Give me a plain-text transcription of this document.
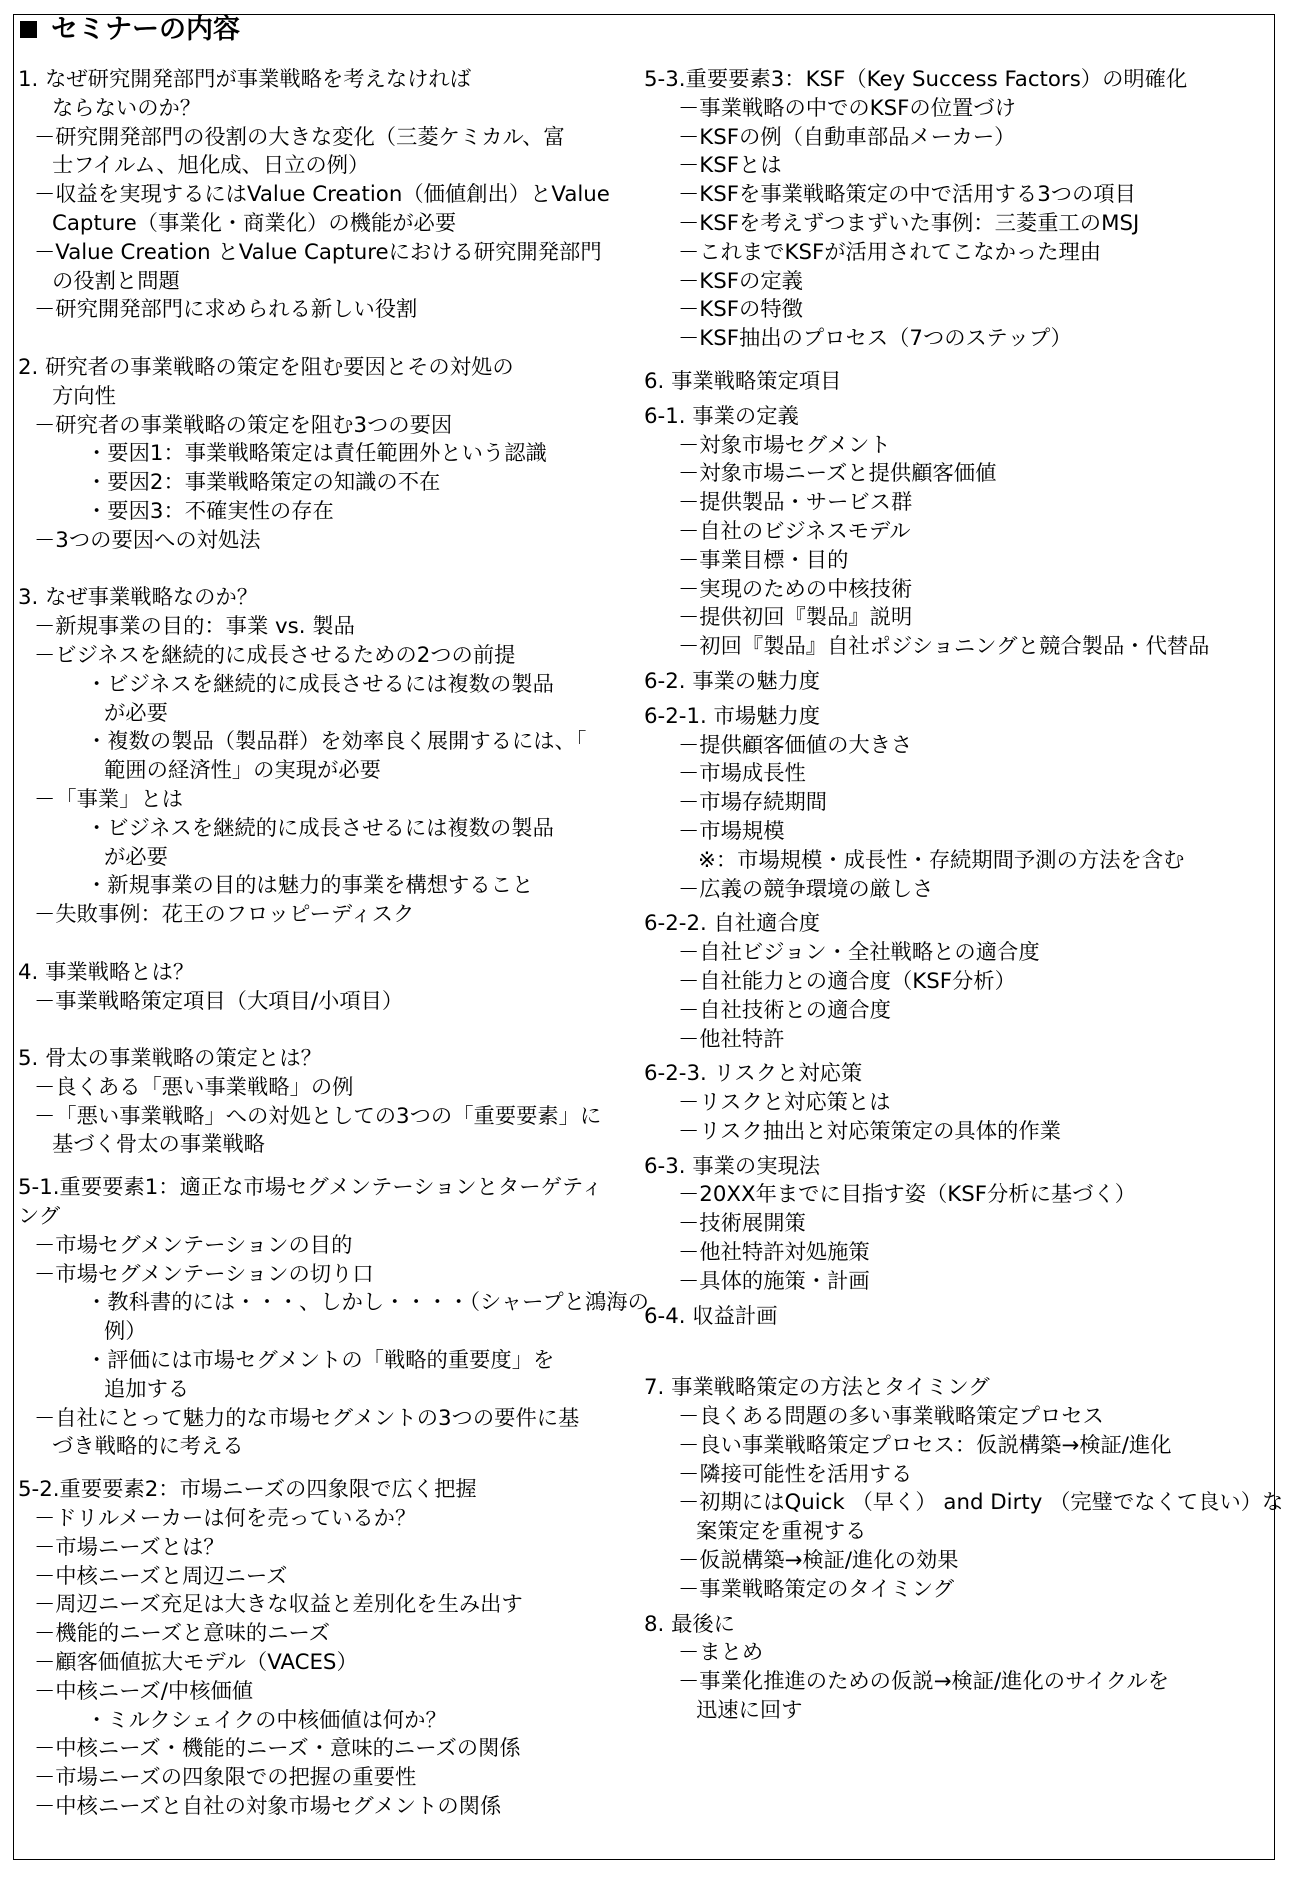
セミナーの内容
1. なぜ研究開発部門が事業戦略を考えなければ
ならないのか？
－研究開発部門の役割の大きな変化（三菱ケミカル、富
士フイルム、旭化成、日立の例）
－収益を実現するにはValue Creation（価値創出）とValue
Capture（事業化・商業化）の機能が必要
－Value Creation とValue Captureにおける研究開発部門
の役割と問題
－研究開発部門に求められる新しい役割
2. 研究者の事業戦略の策定を阻む要因とその対処の
方向性
－研究者の事業戦略の策定を阻む3つの要因
・要因1：事業戦略策定は責任範囲外という認識
・要因2：事業戦略策定の知識の不在
・要因3：不確実性の存在
－3つの要因への対処法
3. なぜ事業戦略なのか？
－新規事業の目的：事業 vs. 製品
－ビジネスを継続的に成長させるための2つの前提
・ビジネスを継続的に成長させるには複数の製品
が必要
・複数の製品（製品群）を効率良く展開するには、「
範囲の経済性」の実現が必要
－「事業」とは
・ビジネスを継続的に成長させるには複数の製品
が必要
・新規事業の目的は魅力的事業を構想すること
－失敗事例：花王のフロッピーディスク
4. 事業戦略とは？
－事業戦略策定項目（大項目/小項目）
5. 骨太の事業戦略の策定とは？
－良くある「悪い事業戦略」の例
－「悪い事業戦略」への対処としての3つの「重要要素」に
基づく骨太の事業戦略
5-1.重要要素1：適正な市場セグメンテーションとターゲティ
ング
－市場セグメンテーションの目的
－市場セグメンテーションの切り口
・教科書的には・・・、しかし・・・・（シャープと鴻海の
例）
・評価には市場セグメントの「戦略的重要度」を
追加する
－自社にとって魅力的な市場セグメントの3つの要件に基
づき戦略的に考える
5-2.重要要素2：市場ニーズの四象限で広く把握
－ドリルメーカーは何を売っているか？
－市場ニーズとは？
－中核ニーズと周辺ニーズ
－周辺ニーズ充足は大きな収益と差別化を生み出す
－機能的ニーズと意味的ニーズ
－顧客価値拡大モデル（VACES）
－中核ニーズ/中核価値
・ミルクシェイクの中核価値は何か？
－中核ニーズ・機能的ニーズ・意味的ニーズの関係
－市場ニーズの四象限での把握の重要性
－中核ニーズと自社の対象市場セグメントの関係
5-3.重要要素3：KSF（Key Success Factors）の明確化
－事業戦略の中でのKSFの位置づけ
－KSFの例（自動車部品メーカー）
－KSFとは
－KSFを事業戦略策定の中で活用する3つの項目
－KSFを考えずつまずいた事例：三菱重工のMSJ
－これまでKSFが活用されてこなかった理由
－KSFの定義
－KSFの特徴
－KSF抽出のプロセス（7つのステップ）
6. 事業戦略策定項目
6-1. 事業の定義
－対象市場セグメント
－対象市場ニーズと提供顧客価値
－提供製品・サービス群
－自社のビジネスモデル
－事業目標・目的
－実現のための中核技術
－提供初回『製品』説明
－初回『製品』自社ポジショニングと競合製品・代替品
6-2. 事業の魅力度
6-2-1. 市場魅力度
－提供顧客価値の大きさ
－市場成長性
－市場存続期間
－市場規模
※：市場規模・成長性・存続期間予測の方法を含む
－広義の競争環境の厳しさ
6-2-2. 自社適合度
－自社ビジョン・全社戦略との適合度
－自社能力との適合度（KSF分析）
－自社技術との適合度
－他社特許
6-2-3. リスクと対応策
－リスクと対応策とは
－リスク抽出と対応策策定の具体的作業
6-3. 事業の実現法
－20XX年までに目指す姿（KSF分析に基づく）
－技術展開策
－他社特許対処施策
－具体的施策・計画
6-4. 収益計画
7. 事業戦略策定の方法とタイミング
－良くある問題の多い事業戦略策定プロセス
－良い事業戦略策定プロセス：仮説構築→検証/進化
－隣接可能性を活用する
－初期にはQuick （早く） and Dirty （完璧でなくて良い）な
案策定を重視する
－仮説構築→検証/進化の効果
－事業戦略策定のタイミング
8. 最後に
－まとめ
－事業化推進のための仮説→検証/進化のサイクルを
迅速に回す
